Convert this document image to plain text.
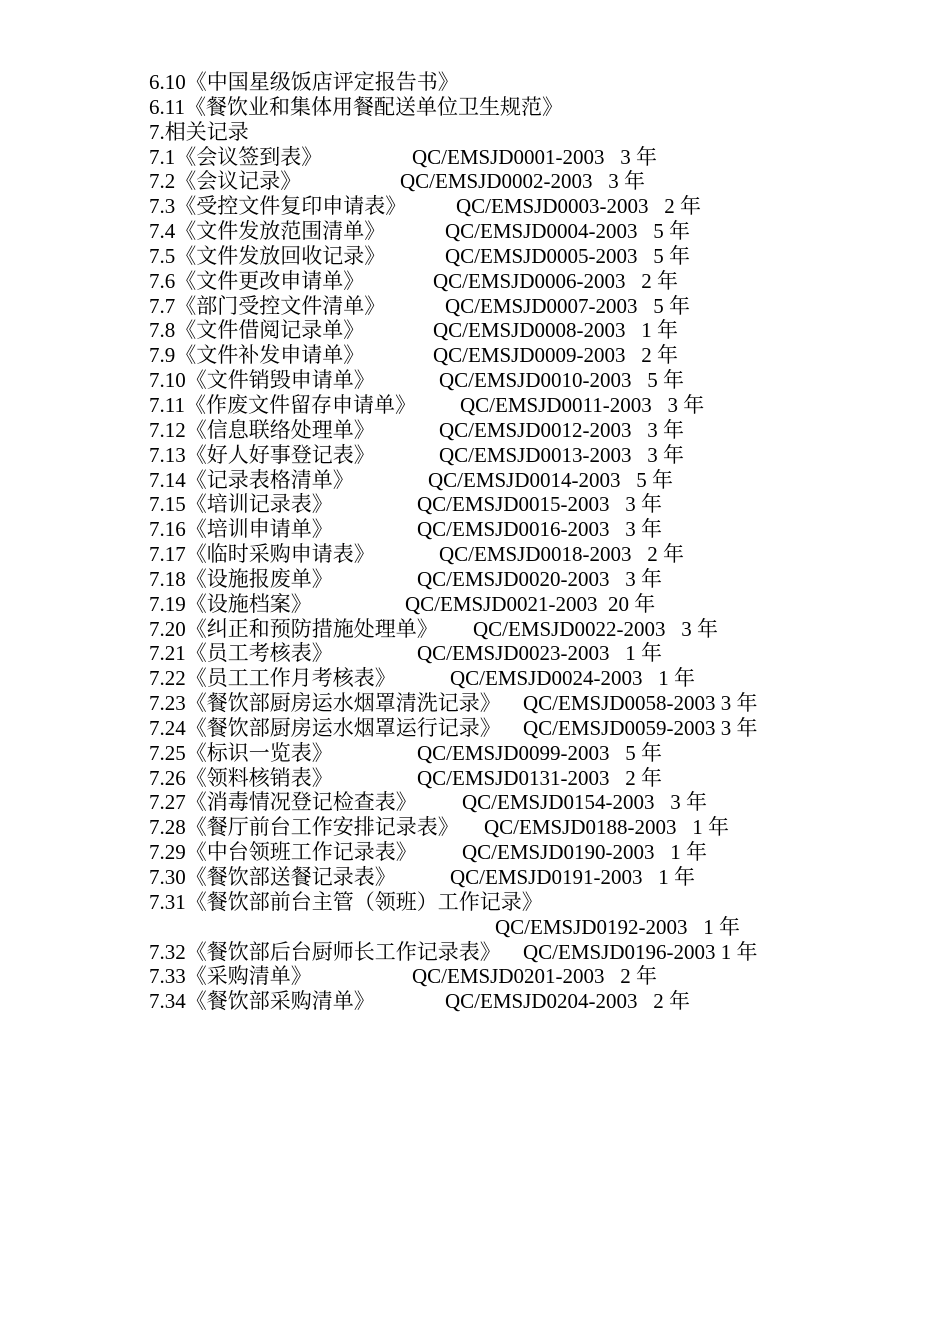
6.10《中国星级饭店评定报告书》
6.11《餐饮业和集体用餐配送单位卫生规范》
7.相关记录
7.1《会议签到表》	QC/EMSJD0001-2003   3 年
7.2《会议记录》	QC/EMSJD0002-2003   3 年
7.3《受控文件复印申请表》 QC/EMSJD0003-2003   2 年
7.4《文件发放范围清单》	QC/EMSJD0004-2003   5 年
7.5《文件发放回收记录》	QC/EMSJD0005-2003   5 年
7.6《文件更改申请单》	QC/EMSJD0006-2003   2 年
7.7《部门受控文件清单》	QC/EMSJD0007-2003   5 年
7.8《文件借阅记录单》	QC/EMSJD0008-2003   1 年
7.9《文件补发申请单》	QC/EMSJD0009-2003   2 年
7.10《文件销毁申请单》	QC/EMSJD0010-2003   5 年
7.11《作废文件留存申请单》 QC/EMSJD0011-2003   3 年
7.12《信息联络处理单》	QC/EMSJD0012-2003   3 年
7.13《好人好事登记表》	QC/EMSJD0013-2003   3 年
7.14《记录表格清单》	QC/EMSJD0014-2003   5 年
7.15《培训记录表》	QC/EMSJD0015-2003   3 年
7.16《培训申请单》	QC/EMSJD0016-2003   3 年
7.17《临时采购申请表》	QC/EMSJD0018-2003   2 年
7.18《设施报废单》	QC/EMSJD0020-2003   3 年
7.19《设施档案》	QC/EMSJD0021-2003  20 年
7.20《纠正和预防措施处理单》 QC/EMSJD0022-2003   3 年
7.21《员工考核表》	QC/EMSJD0023-2003   1 年
7.22《员工工作月考核表》	QC/EMSJD0024-2003   1 年
7.23《餐饮部厨房运水烟罩清洗记录》 QC/EMSJD0058-2003 3 年
7.24《餐饮部厨房运水烟罩运行记录》 QC/EMSJD0059-2003 3 年
7.25《标识一览表》	QC/EMSJD0099-2003   5 年
7.26《领料核销表》	QC/EMSJD0131-2003   2 年
7.27《消毒情况登记检查表》 QC/EMSJD0154-2003   3 年
7.28《餐厅前台工作安排记录表》 QC/EMSJD0188-2003   1 年
7.29《中台领班工作记录表》 QC/EMSJD0190-2003   1 年
7.30《餐饮部送餐记录表》	QC/EMSJD0191-2003   1 年
7.31《餐饮部前台主管（领班）工作记录》
QC/EMSJD0192-2003   1 年
7.32《餐饮部后台厨师长工作记录表》 QC/EMSJD0196-2003 1 年
7.33《采购清单》	QC/EMSJD0201-2003   2 年
7.34《餐饮部采购清单》	QC/EMSJD0204-2003   2 年
